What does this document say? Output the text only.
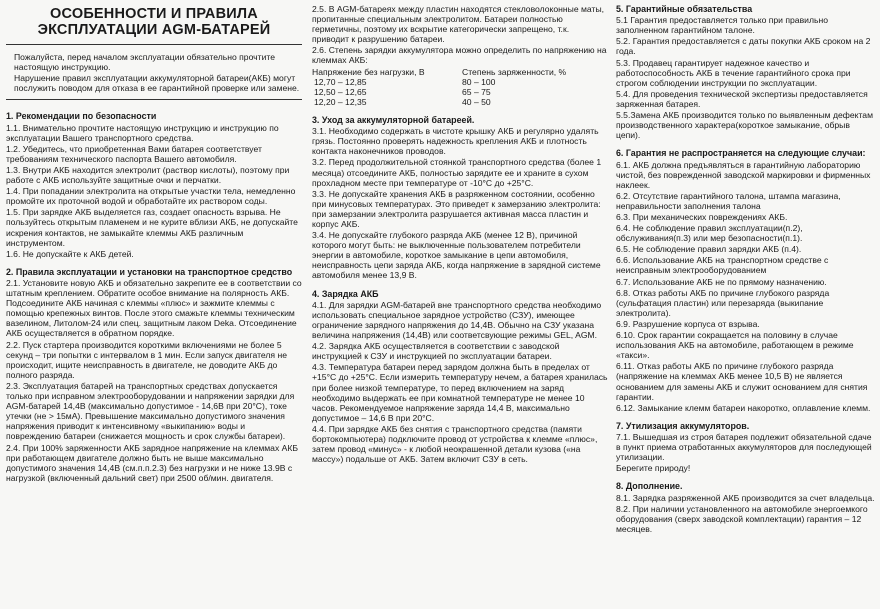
ОСОБЕННОСТИ И ПРАВИЛА
ЭКСПЛУАТАЦИИ AGM-БАТАРЕЙ

Пожалуйста, перед началом эксплуатации обязательно прочтите настоящую инструкцию.

Нарушение правил эксплуатации аккумуляторной батареи(АКБ) могут послужить поводом для отказа в ее гарантийной проверке или замене.

1. Рекомендации по безопасности

1.1. Внимательно прочтите настоящую инструкцию и инструкцию по эксплуатации Вашего транспортного средства.

1.2. Убедитесь, что приобретенная Вами батарея соответствует требованиям технического паспорта Вашего автомобиля.

1.3. Внутри АКБ находится электролит (раствор кислоты), поэтому при работе с АКБ используйте защитные очки и перчатки.

1.4. При попадании электролита на открытые участки тела, немедленно промойте их проточной водой и обработайте их раствором соды.

1.5. При зарядке АКБ выделяется газ, создает опасность взрыва. Не пользуйтесь открытым пламенем и не курите вблизи АКБ, не допускайте искрения контактов, не замыкайте клеммы АКБ различным инструментом.

1.6. Не допускайте к АКБ детей.

2. Правила эксплуатации и установки на транспортное средство

2.1. Установите новую АКБ и обязательно закрепите ее в соответствии со штатным креплением. Обратите особое внимание на полярность АКБ. Подсоедините АКБ начиная с клеммы «плюс» и зажмите клеммы с помощью крепежных винтов. После этого смажьте клеммы техническим вазелином, Литолом-24 или спец. защитным лаком Deka. Отсоединение АКБ осуществляется в обратном порядке.

2.2. Пуск стартера производится короткими включениями не более 5 секунд – три попытки с интервалом в 1 мин. Если запуск двигателя не происходит, ищите неисправность в двигателе, не доводите АКБ до полного разряда.

2.3. Эксплуатация батарей на транспортных средствах допускается только при исправном электрооборудовании и напряжении зарядки для AGM-батарей 14,4В (максимально допустимое - 14,6В при 20°С), токе утечки (не > 15мА). Превышение максимально допустимого значения напряжения приводит к интенсивному «выкипанию» воды и повреждению батареи (снижается мощность и срок службы батареи).

2.4. При 100% заряженности АКБ зарядное напряжение на клеммах АКБ при работающем двигателе должно быть не выше максимально допустимого значения 14,4В (см.п.п.2.3) без нагрузки и не ниже 13.9В с нагрузкой (включенный дальний свет) при 2500 об/мин. двигателя.

2.5. В AGM-батареях между пластин находятся стекловолоконные маты, пропитанные специальным электролитом. Батареи полностью герметичны, поэтому их вскрытие категорически запрещено, т.к. приводит к разрушению батареи.

2.6. Степень зарядки аккумулятора можно определить по напряжению на клеммах АКБ:

Напряжение без нагрузки, В	Степень заряженности, %
12,70 – 12,85	80 – 100
12,50 – 12,65	65 – 75
12,20 – 12,35	40 – 50
3. Уход за аккумуляторной батареей.

3.1. Необходимо содержать в чистоте крышку АКБ и регулярно удалять грязь. Постоянно проверять надежность крепления АКБ и плотность контакта наконечников проводов.

3.2. Перед продолжительной стоянкой транспортного средства (более 1 месяца) отсоедините АКБ, полностью зарядите ее и храните в сухом прохладном месте при температуре от -10°С до +25°С.

3.3. Не допускайте хранения АКБ в разряженном состоянии, особенно при минусовых температурах. Это приведет к замерзанию электролита: при замерзании электролита разрушается активная масса пластин и корпус АКБ.

3.4. Не допускайте глубокого разряда АКБ (менее 12 В), причиной которого могут быть: не выключенные пользователем потребители энергии в автомобиле, короткое замыкание в цепи автомобиля, неисправность цепи заряда АКБ, когда напряжение в зарядной системе автомобиля менее 13,9 В.

4. Зарядка АКБ

4.1. Для зарядки AGM-батарей вне транспортного средства необходимо использовать специальное зарядное устройство (СЗУ), имеющее ограничение зарядного напряжения до 14,4В. Обычно на СЗУ указана величина напряжения (14,4В) или соответсвующие режимы GEL, AGM.

4.2. Зарядка АКБ осуществляется в соответствии с заводской инструкцией к СЗУ и инструкцией по эксплуатации батареи.

4.3. Температура батареи перед зарядом должна быть в пределах от +15°С до +25°С. Если измерить температуру нечем, а батарея хранилась при более низкой температуре, то перед включением на заряд необходимо выдержать ее при комнатной температуре не менее 10 часов. Рекомендуемое напряжение заряда 14,4 В, максимально допустимое – 14,6 В при 20°С.

4.4. При зарядке АКБ без снятия с транспортного средства (памяти бортокомпьютера) подключите провод от устройства к клемме «плюс», затем провод «минус» - к любой неокрашенной детали кузова («на массу») подальше от АКБ. Затем включит СЗУ в сеть.

5. Гарантийные обязательства

5.1 Гарантия предоставляется только при правильно заполненном гарантийном талоне.

5.2. Гарантия предоставляется с даты покупки АКБ сроком на 2 года.

5.3. Продавец гарантирует надежное качество и работоспособность АКБ в течение гарантийного срока при строгом соблюдении инструкции по эксплуатации.

5.4. Для проведения технической экспертизы предоставляется заряженная батарея.

5.5.Замена АКБ производится только по выявленным дефектам производственного характера(короткое замыкание, обрыв цепи).

6. Гарантия не распространяется на следующие случаи:

6.1. АКБ должна предъявляться в гарантийную лабораторию чистой, без поврежденной заводской маркировки и фирменных наклеек.

6.2. Отсутствие гарантийного талона, штампа магазина, неправильности заполнения талона

6.3. При механических повреждениях АКБ.

6.4. Не соблюдение правил эксплуатации(п.2), обслуживания(п.3) или мер безопасности(п.1).

6.5. Не соблюдение правил зарядки АКБ (п.4).

6.6. Использование АКБ на транспортном средстве с неисправным электрооборудованием

6.7. Использование АКБ не по прямому назначению.

6.8. Отказ работы АКБ по причине глубокого разряда (сульфатация пластин) или перезаряда (выкипание электролита).

6.9. Разрушение корпуса от взрыва.

6.10. Срок гарантии сокращается на половину в случае использования АКБ на автомобиле, работающем в режиме «такси».

6.11. Отказ работы АКБ по причине глубокого разряда (напряжение на клеммах АКБ менее 10,5 В) не является основанием для замены АКБ и служит основанием для снятия гарантии.

6.12. Замыкание клемм батареи накоротко, оплавление клемм.

7. Утилизация аккумуляторов.

7.1. Вышедшая из строя батарея подлежит обязательной сдаче в пункт приема отработанных аккумуляторов для последующей утилизации.

Берегите природу!

8. Дополнение.

8.1. Зарядка разряженной АКБ производится за счет владельца.

8.2. При наличии установленного на автомобиле энергоемкого оборудования (сверх заводской комплектации) гарантия – 12 месяцев.
